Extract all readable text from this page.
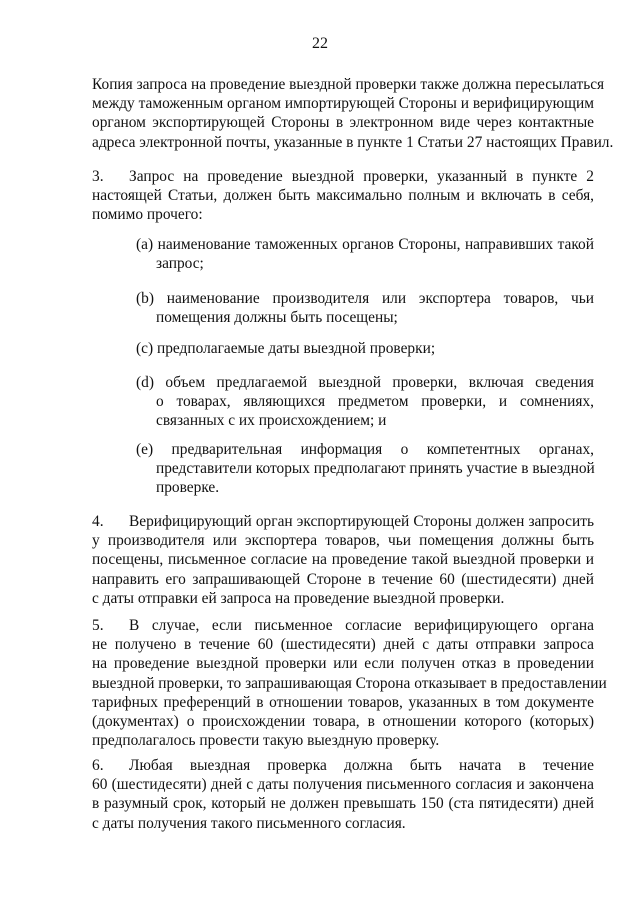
22

Копия запроса на проведение выездной проверки также должна пересылаться
между таможенным органом импортирующей Стороны и верифицирующим
органом экспортирующей Стороны в электронном виде через контактные
адреса электронной почты, указанные в пункте 1 Статьи 27 настоящих Правил.

3. Запрос на проведение выездной проверки, указанный в пункте 2
настоящей Статьи, должен быть максимально полным и включать в себя,
помимо прочего:

(a) наименование таможенных органов Стороны, направивших такой
запрос;
(b) наименование производителя или экспортера товаров, чьи
помещения должны быть посещены;
(c) предполагаемые даты выездной проверки;
(d) объем предлагаемой выездной проверки, включая сведения
о товарах, являющихся предметом проверки, и сомнениях,
связанных с их происхождением; и
(e) предварительная информация о компетентных органах,
представители которых предполагают принять участие в выездной
проверке.

4. Верифицирующий орган экспортирующей Стороны должен запросить
у производителя или экспортера товаров, чьи помещения должны быть
посещены, письменное согласие на проведение такой выездной проверки и
направить его запрашивающей Стороне в течение 60 (шестидесяти) дней
с даты отправки ей запроса на проведение выездной проверки.

5. В случае, если письменное согласие верифицирующего органа
не получено в течение 60 (шестидесяти) дней с даты отправки запроса
на проведение выездной проверки или если получен отказ в проведении
выездной проверки, то запрашивающая Сторона отказывает в предоставлении
тарифных преференций в отношении товаров, указанных в том документе
(документах) о происхождении товара, в отношении которого (которых)
предполагалось провести такую выездную проверку.

6. Любая выездная проверка должна быть начата в течение
60 (шестидесяти) дней с даты получения письменного согласия и закончена
в разумный срок, который не должен превышать 150 (ста пятидесяти) дней
с даты получения такого письменного согласия.
